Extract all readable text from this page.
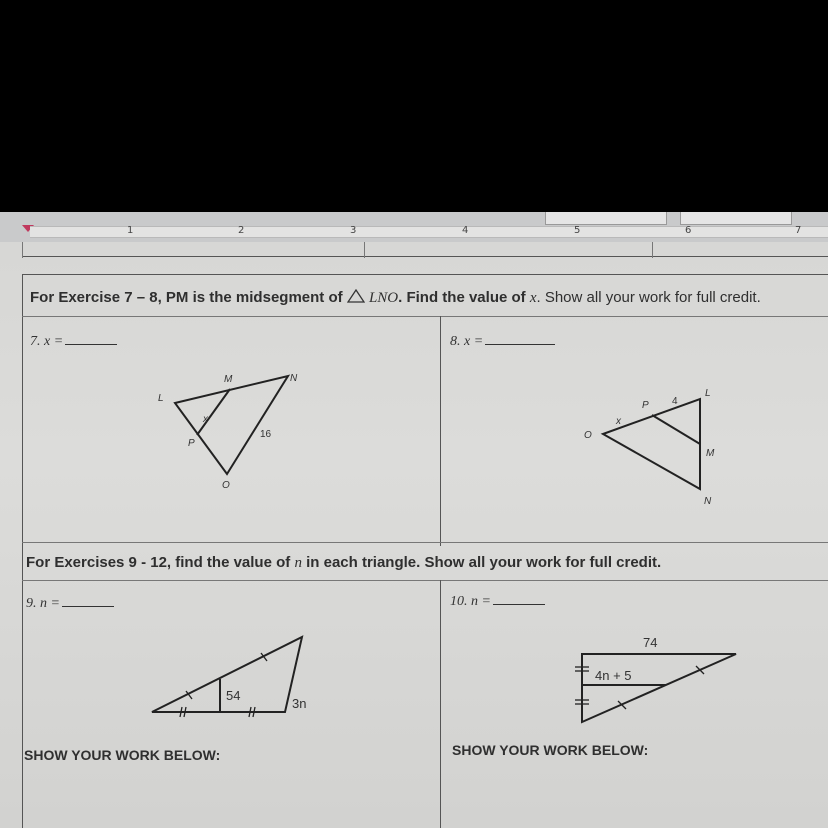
1	2	3	4	5	6	7
For Exercise 7 – 8, PM is the midsegment of  LNO. Find the value of x. Show all your work for full credit.
7. x =	8. x =
L
M	N
P
O
x
16
L
M
N
P
O
x
4
For Exercises 9 - 12, find the value of n in each triangle. Show all your work for full credit.
9. n =	10. n =
54
3n
74
4n + 5
SHOW YOUR WORK BELOW:	SHOW YOUR WORK BELOW:
